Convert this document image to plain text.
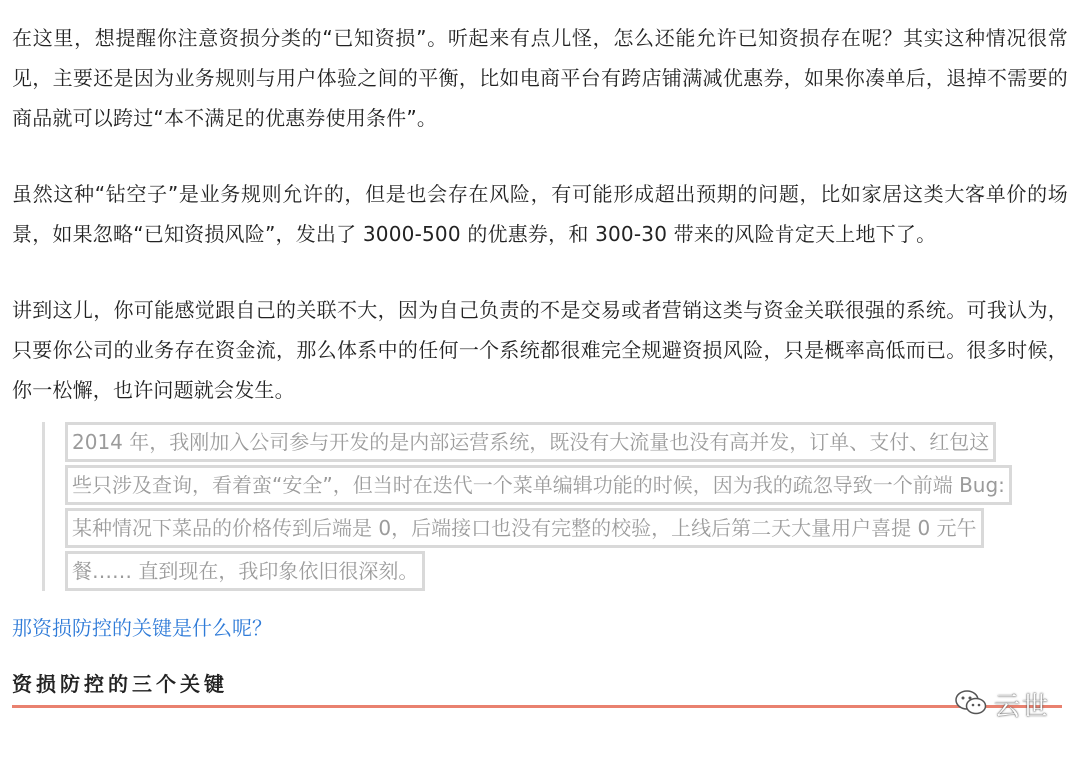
在这里，想提醒你注意资损分类的“已知资损”。听起来有点儿怪，怎么还能允许已知资损存在呢？其实这种情况很常见，主要还是因为业务规则与用户体验之间的平衡，比如电商平台有跨店铺满减优惠券，如果你凑单后，退掉不需要的商品就可以跨过“本不满足的优惠券使用条件”。

虽然这种“钻空子”是业务规则允许的，但是也会存在风险，有可能形成超出预期的问题，比如家居这类大客单价的场景，如果忽略“已知资损风险”，发出了 3000-500 的优惠券，和 300-30 带来的风险肯定天上地下了。

讲到这儿，你可能感觉跟自己的关联不大，因为自己负责的不是交易或者营销这类与资金关联很强的系统。可我认为，只要你公司的业务存在资金流，那么体系中的任何一个系统都很难完全规避资损风险，只是概率高低而已。很多时候，你一松懈，也许问题就会发生。

2014 年，我刚加入公司参与开发的是内部运营系统，既没有大流量也没有高并发，订单、支付、红包这
些只涉及查询，看着蛮“安全”，但当时在迭代一个菜单编辑功能的时候，因为我的疏忽导致一个前端 Bug:
某种情况下菜品的价格传到后端是 0，后端接口也没有完整的校验，上线后第二天大量用户喜提 0 元午
餐…… 直到现在，我印象依旧很深刻。
那资损防控的关键是什么呢？
资损防控的三个关键
云世
